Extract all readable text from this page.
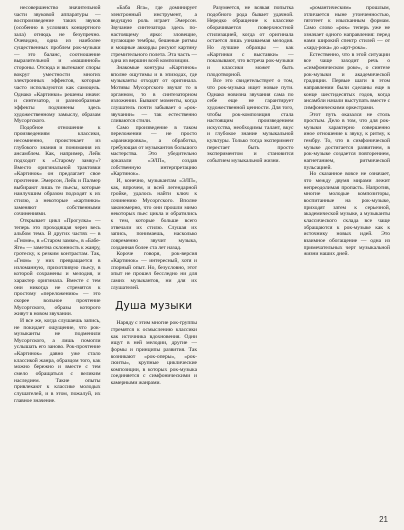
несовершенство значительной части звуковой аппаратуры — воспроизведение таких звуков (особенно в условиях концертного зала) отнюдь не безупречно. Очевидно, одна из наиболее существенных проблем рок-музыки — это баланс, соотношение выразительной и «машинной» стороны. Отсюда и вытекают споры вокруг уместности многих электронных эффектов, которые часто используются как самоцель. Однако «Картинки» решены иначе: и синтезатор, и разнообразные эффекты подчинены здесь художественному замыслу, образам Мусоргского.

Подобное отношение к произведениям классики, несомненно, проистекает из глубокого знания и понимания их ансамблем. Как, например, Лейк подходит к «Старому замку»? Вместо оригинальной трактовки «Картинок» он предлагает свое прочтение. Эмерсон, Лейк и Палмер выбирают лишь те пьесы, которые наилучшим образом подходят к их стилю, а некоторые «картинки» заменяют собственными сочинениями.

Открывает цикл «Прогулка» — теперь это проходящая через весь альбом тема. В других частях — в «Гноме», в «Старом замке», в «Бабе-Яге» — заметна склонность к жанру, гротеску, к резким контрастам. Так, «Гном» у них превращается в изломанную, прихотливую пьесу, в которой сохранены и мелодия, и характер оригинала. Вместе с тем они никогда не стремятся к простому «переложению» — это скорее вольное прочтение Мусоргского, образы которого живут в новом звучании.

И все же, когда слушаешь запись, не покидает ощущение, что рок-музыканты не подменили Мусоргского, а лишь помогли услышать его заново. Рок-прочтение «Картинок» давно уже стало классикой жанра, образцом того, как можно бережно и вместе с тем смело обращаться с великим наследием. Такие опыты привлекают к классике молодых слушателей, и в этом, пожалуй, их главное значение.

«Баба Яга», где доминирует электронный инструмент, а ведущую роль играет Эмерсон. Звучание синтезатора здесь по-настоящему ярко: зловещие, пугающие тембры, бешеные ритмы и мощные аккорды рисуют картину стремительного полета. Эта часть — одна из вершин всей композиции.

Знакомые контуры «Картинок» вполне ощутимы и в эпизодах, где музыканты отходят от оригинала. Мотивы Мусоргского звучат то в органном, то в синтезаторном изложении. Бывают моменты, когда слушатель почти забывает о «рок-звучании» — так естественно сливаются стили.

Само произведение в таком переложении — не просто «аранжировка», а обработка, требующая от музыкантов большого мастерства. Это убедительно доказали «ЭЛП», создав собственную интерпретацию «Картинок».

И, конечно, музыкантам «ЭЛП», как, впрочем, и всей легендарной тройке, удалось найти ключ к сочинению Мусоргского. Вполне закономерно, что они прошли мимо некоторых пьес цикла и обратились к тем, которые больше всего отвечали их стилю. Слушая их запись, понимаешь, насколько современно звучит музыка, созданная более ста лет назад.

Короче говоря, рок-версия «Картинок» — интересный, хотя и спорный опыт. Но, безусловно, этот опыт не прошел бесследно ни для самих музыкантов, ни для их слушателей.

Душа музыки

Наряду с этим многие рок-группы стремятся к осмыслению классики как источника вдохновения. Одни ищут в ней мелодии, другие — формы и принципы развития. Так возникают «рок-оперы», «рок-сюиты», крупные циклические композиции, в которых рок-музыка соединяется с симфоническими и камерными жанрами.

Разумеется, не всякая попытка подобного рода бывает удачной. Нередко обращение к классике оборачивается поверхностной стилизацией, когда от оригинала остается лишь узнаваемая мелодия. Но лучшие образцы — как «Картинки с выставки» — показывают, что встреча рок-музыки и классики может быть плодотворной.

Все это свидетельствует о том, что рок-музыка ищет новые пути. Однако новизна звучания сама по себе еще не гарантирует художественной ценности. Для того, чтобы рок-композиция стала настоящим произведением искусства, необходимы талант, вкус и глубокое знание музыкальной культуры. Только тогда эксперимент перестает быть просто экспериментом и становится событием музыкальной жизни.

«романтическим» прошлым, отличается ныне утонченностью, тяготеет к изысканным формам. Само слово «рок» теперь уже не означает одного направления: перед нами широкий спектр стилей — от «хард-рока» до «арт-рока».

Естественно, что в этой ситуации все чаще заходит речь о «симфоническом роке», о синтезе рок-музыки и академической традиции. Первые шаги в этом направлении были сделаны еще в конце шестидесятых годов, когда ансамбли начали выступать вместе с симфоническими оркестрами.

Этот путь оказался не столь простым. Дело в том, что для рок-музыки характерно совершенно иное отношение к звуку, к ритму, к тембру. То, что в симфонической музыке достигается развитием, в рок-музыке создается повторением, нагнетанием, ритмической пульсацией.

Но сказанное вовсе не означает, что между двумя мирами лежит непреодолимая пропасть. Напротив, многие молодые композиторы, воспитанные на рок-музыке, приходят затем к серьезной, академической музыке, а музыканты классического склада все чаще обращаются к рок-музыке как к источнику новых идей. Это взаимное обогащение — одна из примечательных черт музыкальной жизни наших дней.

21
